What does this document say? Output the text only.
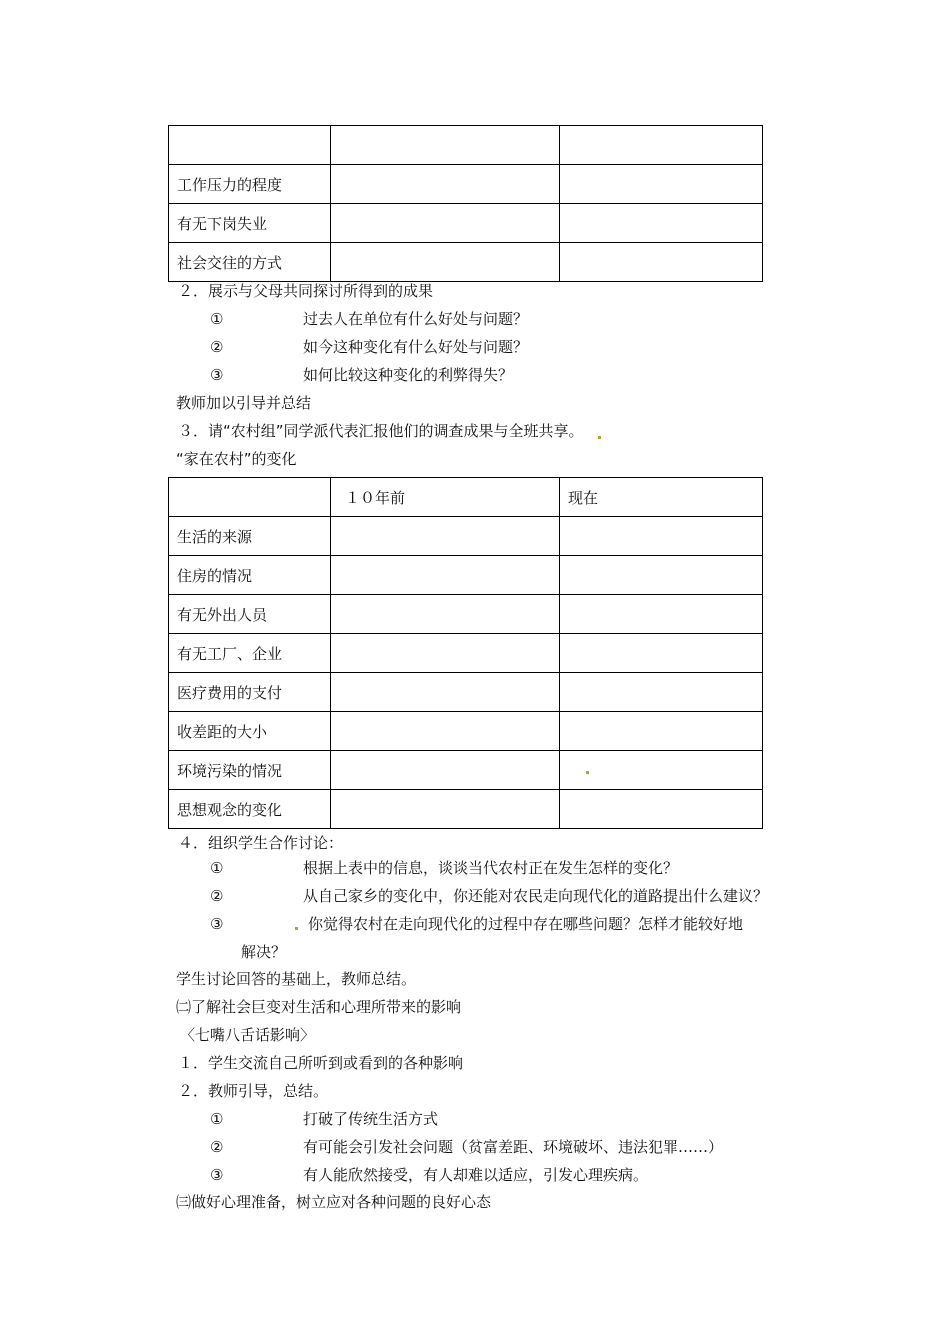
工作压力的程度		
有无下岗失业		
社会交往的方式		
２．展示与父母共同探讨所得到的成果
①	过去人在单位有什么好处与问题？
②	如今这种变化有什么好处与问题？
③	如何比较这种变化的利弊得失？
教师加以引导并总结
３．请“农村组”同学派代表汇报他们的调查成果与全班共享。
“家在农村”的变化
	１０年前	现在
生活的来源		
住房的情况		
有无外出人员		
有无工厂、企业		
医疗费用的支付		
收差距的大小		
环境污染的情况		
思想观念的变化		
４．组织学生合作讨论：
①	根据上表中的信息，谈谈当代农村正在发生怎样的变化？
②	从自己家乡的变化中，你还能对农民走向现代化的道路提出什么建议？
③	你觉得农村在走向现代化的过程中存在哪些问题？怎样才能较好地
解决？
学生讨论回答的基础上，教师总结。
㈡了解社会巨变对生活和心理所带来的影响
〈七嘴八舌话影响〉
１．学生交流自己所听到或看到的各种影响
２．教师引导，总结。
①	打破了传统生活方式
②	有可能会引发社会问题（贫富差距、环境破坏、违法犯罪……）
③	有人能欣然接受，有人却难以适应，引发心理疾病。
㈢做好心理准备，树立应对各种问题的良好心态
